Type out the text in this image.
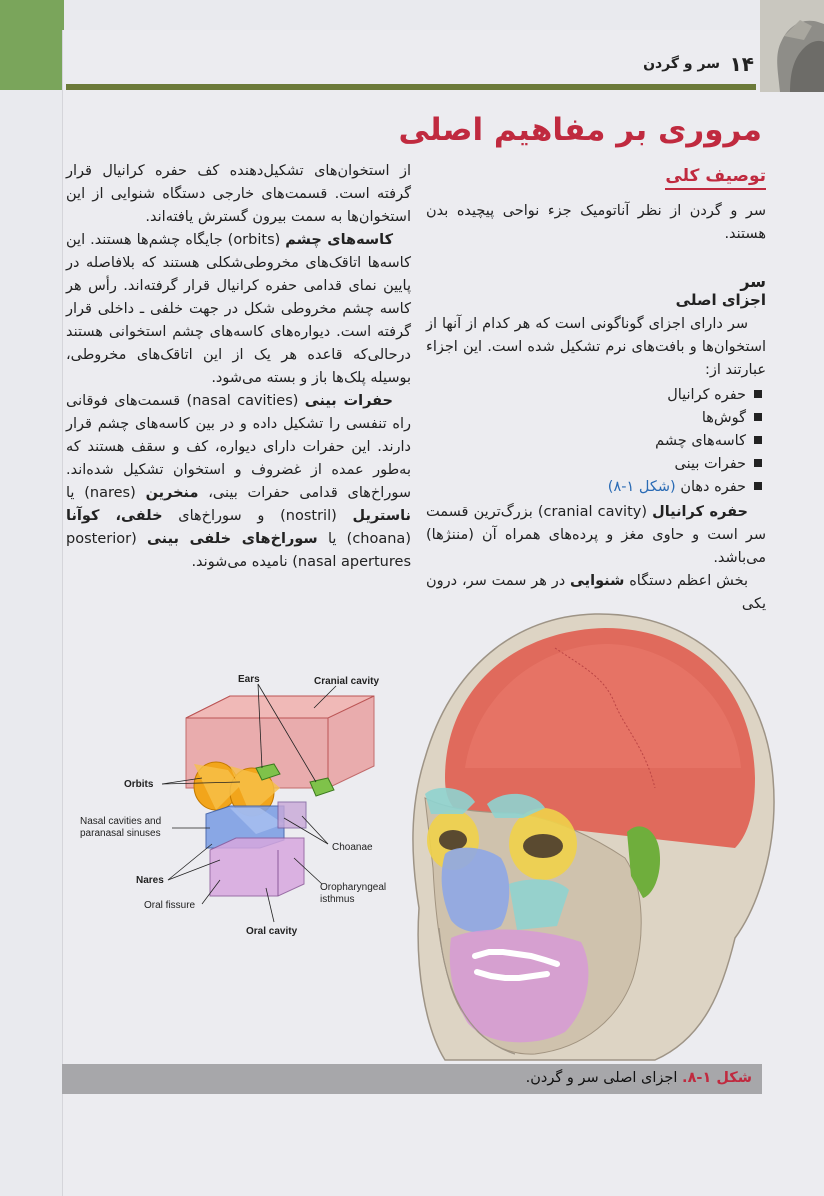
۱۴
سر و گردن
مروری بر مفاهیم اصلی
توصیف کلی

سر و گردن از نظر آناتومیک جزء نواحی پیچیده بدن هستند.

سر
اجزای اصلی

سر دارای اجزای گوناگونی است که هر کدام از آنها از استخوان‌ها و بافت‌های نرم تشکیل شده است. این اجزاء عبارتند از:

حفره کرانیال
گوش‌ها
کاسه‌های چشم
حفرات بینی
حفره دهان (شکل ۱-۸)

حفره کرانیال (cranial cavity) بزرگ‌ترین قسمت سر است و حاوی مغز و پرده‌های همراه آن (مننژها) می‌باشد.

بخش اعظم دستگاه شنوایی در هر سمت سر، درون یکی

از استخوان‌های تشکیل‌دهنده کف حفره کرانیال قرار گرفته است. قسمت‌های خارجی دستگاه شنوایی از این استخوان‌ها به سمت بیرون گسترش یافته‌اند.

کاسه‌های چشم (orbits) جایگاه چشم‌ها هستند. این کاسه‌ها اتاقک‌های مخروطی‌شکلی هستند که بلافاصله در پایین نمای قدامی حفره کرانیال قرار گرفته‌اند. رأس هر کاسه چشم مخروطی شکل در جهت خلفی ـ داخلی قرار گرفته است. دیواره‌های کاسه‌های چشم استخوانی هستند درحالی‌که قاعده هر یک از این اتاقک‌های مخروطی، بوسیله پلک‌ها باز و بسته می‌شود.

حفرات بینی (nasal cavities) قسمت‌های فوقانی راه تنفسی را تشکیل داده و در بین کاسه‌های چشم قرار دارند. این حفرات دارای دیواره، کف و سقف هستند که به‌طور عمده از غضروف و استخوان تشکیل شده‌اند. سوراخ‌های قدامی حفرات بینی، منخرین (nares) یا ناستریل (nostril) و سوراخ‌های خلفی، کوآنا (choana) یا سوراخ‌های خلفی بینی (posterior nasal apertures) نامیده می‌شوند.

Ears	Cranial cavity
Orbits
Nasal cavities and
paranasal sinuses
Choanae
Nares
Oral fissure
Oropharyngeal
isthmus
Oral cavity
شکل ۱-۸. اجزای اصلی سر و گردن.
